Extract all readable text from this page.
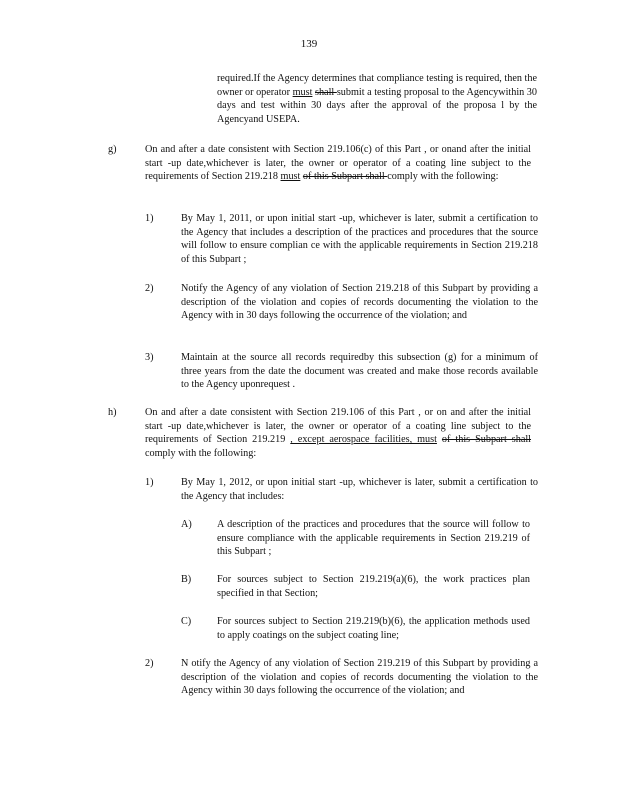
139
required.If the Agency determines that compliance testing is required, then the owner or operator must shall submit a testing proposal to the Agencywithin 30 days and test within 30 days after the approval of the proposa l by the Agencyand USEPA.
g)	On and after a date consistent with Section 219.106(c) of this Part , or onand after the initial start -up date,whichever is later, the owner or operator of a coating line subject to the requirements of Section 219.218 must of this Subpart shall comply with the following:
1)	By May 1, 2011, or upon initial start -up, whichever is later, submit a certification to the Agency that includes a description of the practices and procedures that the source will follow to ensure complian ce with the applicable requirements in Section 219.218 of this Subpart ;
2)	Notify the Agency of any violation of Section 219.218 of this Subpart by providing a description of the violation and copies of records documenting the violation to the Agency with in 30 days following the occurrence of the violation; and
3)	Maintain at the source all records requiredby this subsection (g) for a minimum of three years from the date the document was created and make those records available to the Agency uponrequest .
h)	On and after a date consistent with Section 219.106 of this Part , or on and after the initial start -up date,whichever is later, the owner or operator of a coating line subject to the requirements of Section 219.219 , except aerospace facilities, must of this Subpart shall comply with the following:
1)	By May 1, 2012, or upon initial start -up, whichever is later, submit a certification to the Agency that includes:
A) A description of the practices and procedures that the source will follow to ensure compliance with the applicable requirements in Section 219.219 of this Subpart ;
B)	For sources subject to Section 219.219(a)(6), the work practices plan specified in that Section;
C)	For sources subject to Section 219.219(b)(6), the application methods used to apply coatings on the subject coating line;
2)	N otify the Agency of any violation of Section 219.219 of this Subpart by providing a description of the violation and copies of records documenting the violation to the Agency within 30 days following the occurrence of the violation; and
